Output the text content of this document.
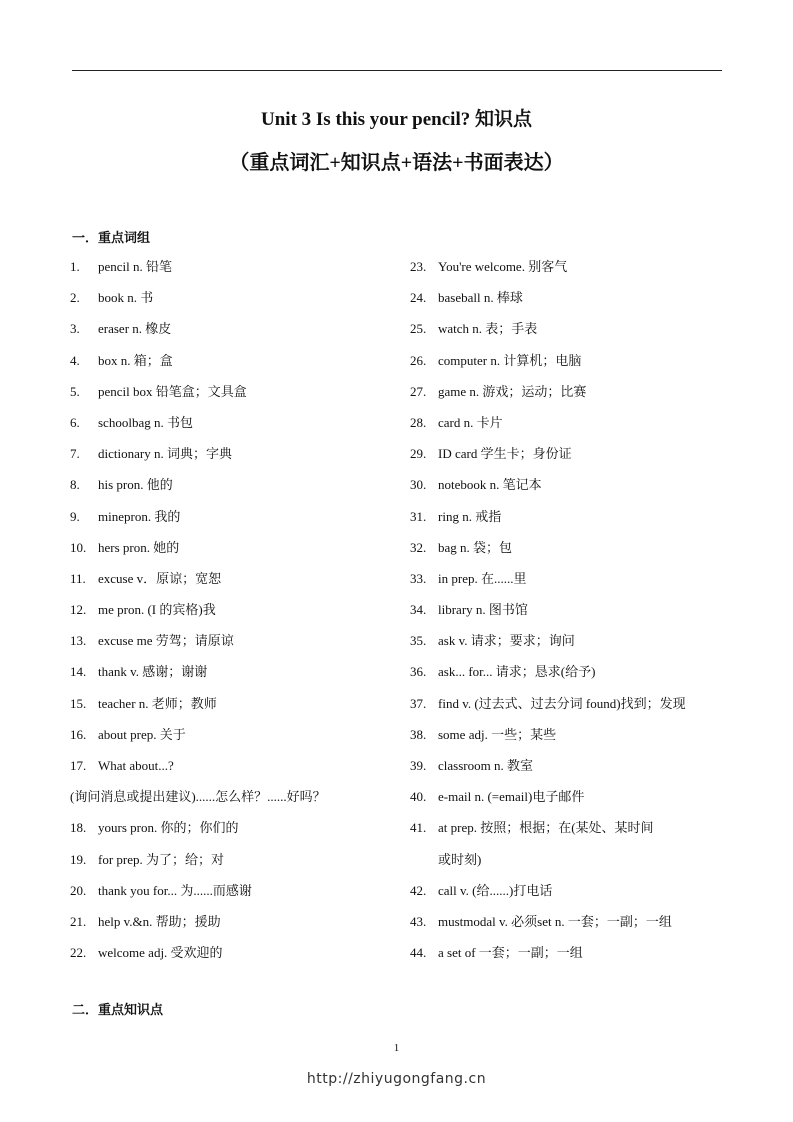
Unit 3 Is this your pencil? 知识点
（重点词汇+知识点+语法+书面表达）
一．重点词组
1. pencil n. 铅笔
2. book n. 书
3. eraser n. 橡皮
4. box n. 箱；盒
5. pencil box 铅笔盒；文具盒
6. schoolbag n. 书包
7. dictionary n. 词典；字典
8. his pron. 他的
9. minepron. 我的
10. hers pron. 她的
11. excuse v．原谅；宽恕
12. me pron. (I 的宾格)我
13. excuse me 劳驾；请原谅
14. thank v. 感谢；谢谢
15. teacher n. 老师；教师
16. about prep. 关于
17. What about...?
(询问消息或提出建议)......怎么样？......好吗？
18. yours pron. 你的；你们的
19. for prep. 为了；给；对
20. thank you for... 为......而感谢
21. help v.&n. 帮助；援助
22. welcome adj. 受欢迎的
23. You're welcome. 别客气
24. baseball n. 棒球
25. watch n. 表；手表
26. computer n. 计算机；电脑
27. game n. 游戏；运动；比赛
28. card n. 卡片
29. ID card 学生卡；身份证
30. notebook n. 笔记本
31. ring n. 戒指
32. bag n. 袋；包
33. in prep. 在......里
34. library n. 图书馆
35. ask v. 请求；要求；询问
36. ask... for... 请求；恳求(给予)
37. find v. (过去式、过去分词 found)找到；发现
38. some adj. 一些；某些
39. classroom n. 教室
40. e-mail n. (=email)电子邮件
41. at prep. 按照；根据；在(某处、某时间
或时刻)
42. call v. (给......)打电话
43. mustmodal v. 必须set n. 一套；一副；一组
44. a set of 一套；一副；一组
二．重点知识点
1
http://zhiyugongfang.cn
